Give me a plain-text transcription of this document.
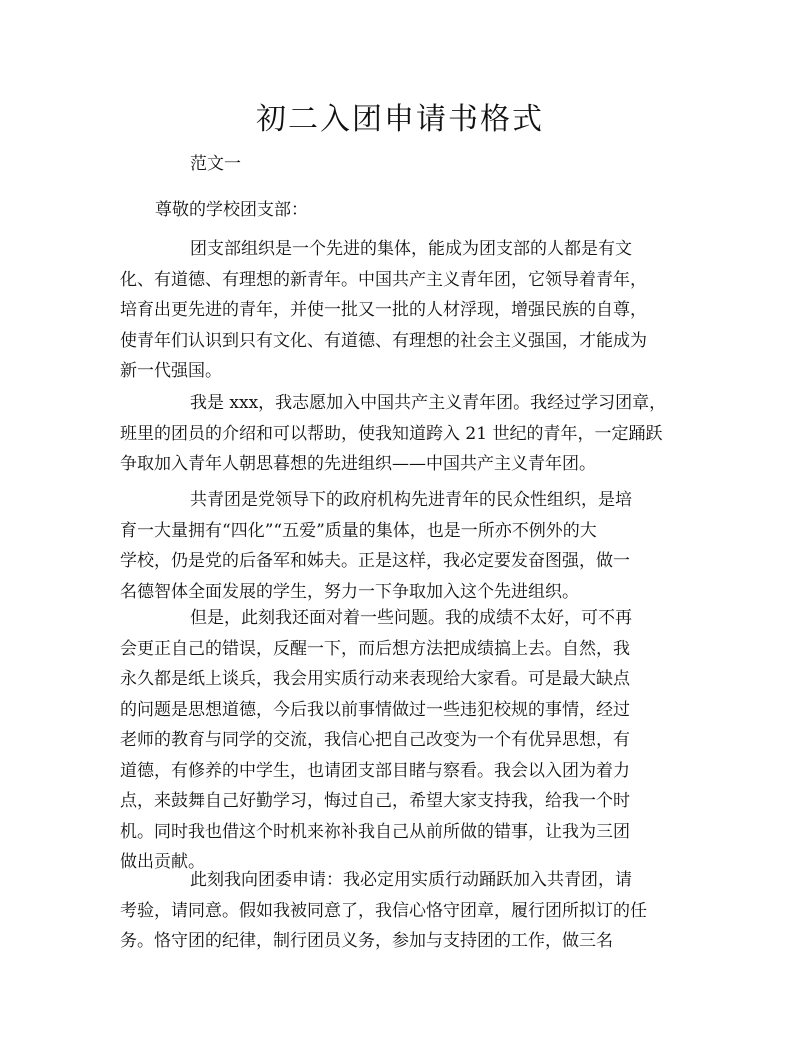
初二入团申请书格式
范文一
尊敬的学校团支部：
团支部组织是一个先进的集体，能成为团支部的人都是有文
化、有道德、有理想的新青年。中国共产主义青年团，它领导着青年，
培育出更先进的青年，并使一批又一批的人材浮现，增强民族的自尊，
使青年们认识到只有文化、有道德、有理想的社会主义强国，才能成为
新一代强国。
我是 xxx，我志愿加入中国共产主义青年团。我经过学习团章，
班里的团员的介绍和可以帮助，使我知道跨入 21 世纪的青年，一定踊跃
争取加入青年人朝思暮想的先进组织——中国共产主义青年团。
共青团是党领导下的政府机构先进青年的民众性组织，是培
育一大量拥有“四化”“五爱”质量的集体，也是一所亦不例外的大
学校，仍是党的后备军和姊夫。正是这样，我必定要发奋图强，做一
名德智体全面发展的学生，努力一下争取加入这个先进组织。
但是，此刻我还面对着一些问题。我的成绩不太好，可不再
会更正自己的错误，反醒一下，而后想方法把成绩搞上去。自然，我
永久都是纸上谈兵，我会用实质行动来表现给大家看。可是最大缺点
的问题是思想道德，今后我以前事情做过一些违犯校规的事情，经过
老师的教育与同学的交流，我信心把自己改变为一个有优异思想，有
道德，有修养的中学生，也请团支部目睹与察看。我会以入团为着力
点，来鼓舞自己好勤学习，悔过自己，希望大家支持我，给我一个时
机。同时我也借这个时机来祢补我自己从前所做的错事，让我为三团
做出贡献。
此刻我向团委申请：我必定用实质行动踊跃加入共青团，请
考验，请同意。假如我被同意了，我信心恪守团章，履行团所拟订的任
务。恪守团的纪律，制行团员义务，参加与支持团的工作，做三名
